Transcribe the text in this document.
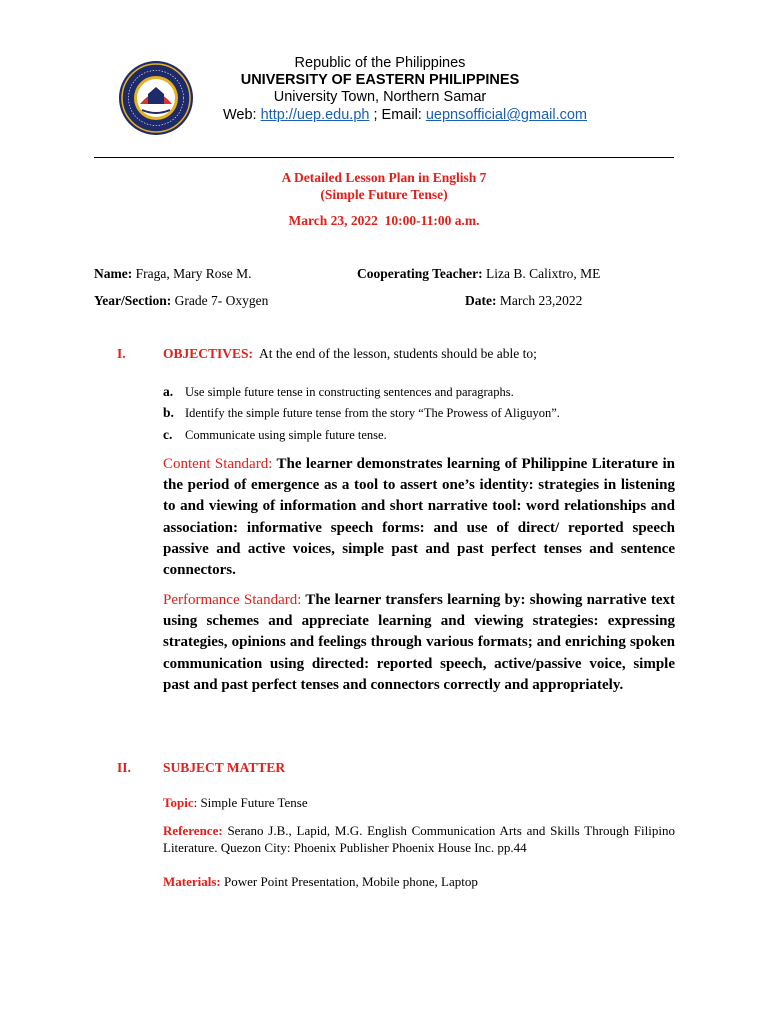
Republic of the Philippines
UNIVERSITY OF EASTERN PHILIPPINES
University Town, Northern Samar
Web: http://uep.edu.ph ; Email: uepnsofficial@gmail.com
A Detailed Lesson Plan in English 7
(Simple Future Tense)
March 23, 2022  10:00-11:00 a.m.
Name: Fraga, Mary Rose M.	Cooperating Teacher: Liza B. Calixtro, ME
Year/Section: Grade 7- Oxygen	Date: March 23,2022
I.	OBJECTIVES: At the end of the lesson, students should be able to;
a. Use simple future tense in constructing sentences and paragraphs.
b. Identify the simple future tense from the story “The Prowess of Aliguyon”.
c. Communicate using simple future tense.
Content Standard: The learner demonstrates learning of Philippine Literature in the period of emergence as a tool to assert one’s identity: strategies in listening to and viewing of information and short narrative tool: word relationships and association: informative speech forms: and use of direct/ reported speech passive and active voices, simple past and past perfect tenses and sentence connectors.
Performance Standard: The learner transfers learning by: showing narrative text using schemes and appreciate learning and viewing strategies: expressing strategies, opinions and feelings through various formats; and enriching spoken communication using directed: reported speech, active/passive voice, simple past and past perfect tenses and connectors correctly and appropriately.
II. SUBJECT MATTER
Topic: Simple Future Tense
Reference: Serano J.B., Lapid, M.G. English Communication Arts and Skills Through Filipino Literature. Quezon City: Phoenix Publisher Phoenix House Inc. pp.44
Materials: Power Point Presentation, Mobile phone, Laptop
